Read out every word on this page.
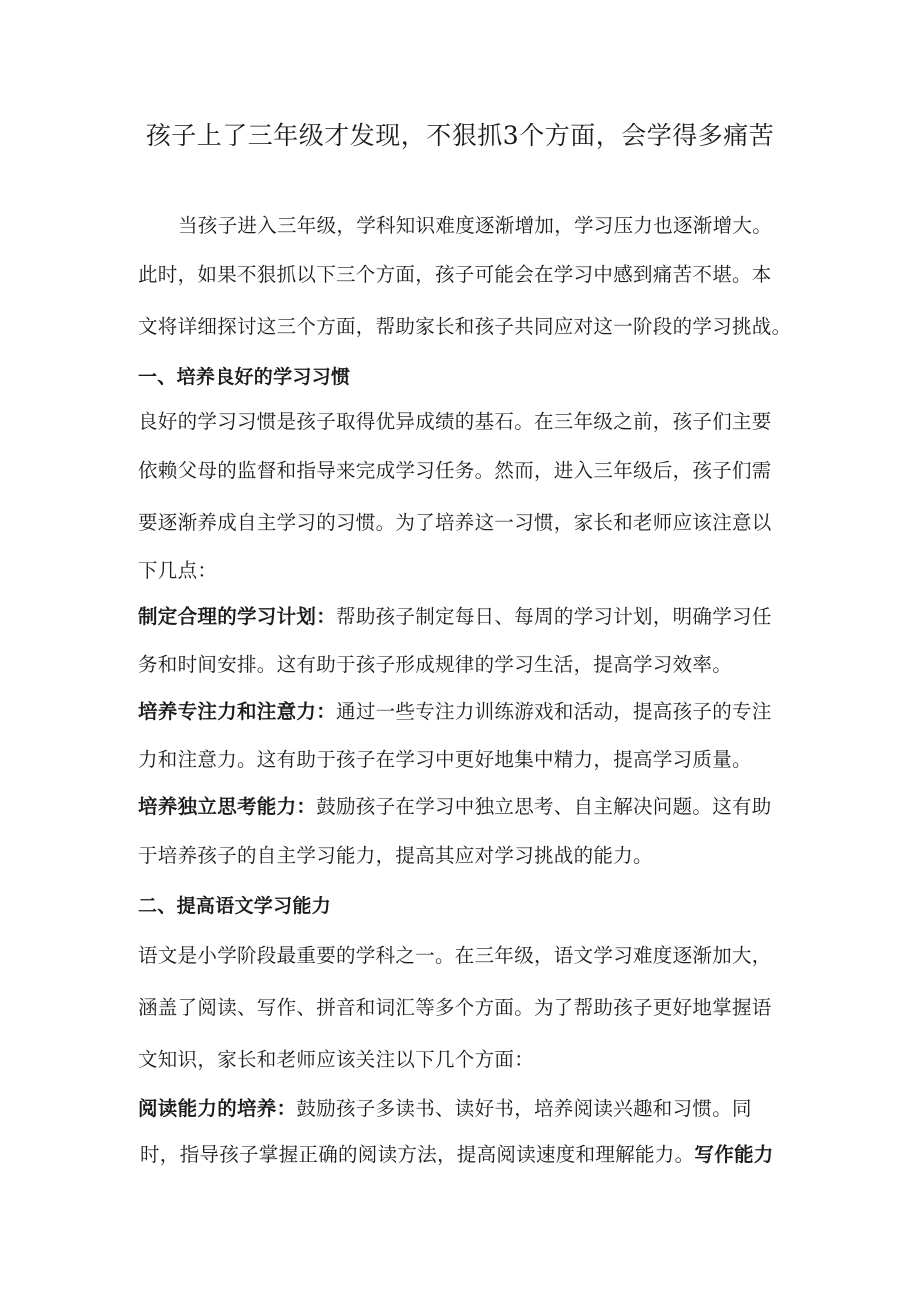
孩子上了三年级才发现，不狠抓3个方面，会学得多痛苦
当孩子进入三年级，学科知识难度逐渐增加，学习压力也逐渐增大。
此时，如果不狠抓以下三个方面，孩子可能会在学习中感到痛苦不堪。本
文将详细探讨这三个方面，帮助家长和孩子共同应对这一阶段的学习挑战。
一、培养良好的学习习惯
良好的学习习惯是孩子取得优异成绩的基石。在三年级之前，孩子们主要
依赖父母的监督和指导来完成学习任务。然而，进入三年级后，孩子们需
要逐渐养成自主学习的习惯。为了培养这一习惯，家长和老师应该注意以
下几点：
制定合理的学习计划：帮助孩子制定每日、每周的学习计划，明确学习任
务和时间安排。这有助于孩子形成规律的学习生活，提高学习效率。
培养专注力和注意力：通过一些专注力训练游戏和活动，提高孩子的专注
力和注意力。这有助于孩子在学习中更好地集中精力，提高学习质量。
培养独立思考能力：鼓励孩子在学习中独立思考、自主解决问题。这有助
于培养孩子的自主学习能力，提高其应对学习挑战的能力。
二、提高语文学习能力
语文是小学阶段最重要的学科之一。在三年级，语文学习难度逐渐加大，
涵盖了阅读、写作、拼音和词汇等多个方面。为了帮助孩子更好地掌握语
文知识，家长和老师应该关注以下几个方面：
阅读能力的培养：鼓励孩子多读书、读好书，培养阅读兴趣和习惯。同
时，指导孩子掌握正确的阅读方法，提高阅读速度和理解能力。写作能力
